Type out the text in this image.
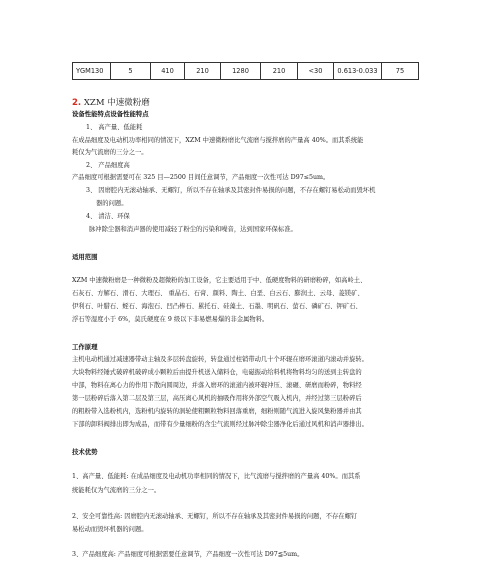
YGM130	5	410	210	1280	210	<30	0.613-0.033	75
2. XZM 中速微粉磨
设备性能特点设备性能特点
1、 高产量、低能耗
在成品细度及电动机功率相同的情况下，XZM 中速微粉磨比气流磨与搅拌磨的产量高 40%。而其系统能
耗仅为气流磨的三分之一。
2、 产品细度高
产品细度可根据需要可在 325 目—2500 目间任意调节，产品细度一次性可达 D97≤5um。
3、 因磨腔内无滚动轴承、无螺钉，所以不存在轴承及其密封件易损的问题，不存在螺钉易松动而毁坏机
器的问题。
4、 清洁、环保
脉冲除尘器和消声器的使用减轻了粉尘的污染和噪音，达到国家环保标准。
适用范围
XZM 中速微粉磨是一种微粉及超微粉的加工设备，它主要适用于中、低硬度物料的研磨粉碎，如高岭土、
石灰石、方解石、滑石、大理石、 重晶石、石膏、颜料、陶土、白垩、白云石、膨润土、云母、菱镁矿、
伊利石、叶腊石、蛭石、海泡石、凹凸棒石、累托石、硅藻土、石墨、明矾石、萤石、磷矿石、钾矿石、
浮石等湿度小于 6%，莫氏硬度在 9 级以下非易燃易爆的非金属物料。
工作原理
主机电动机通过减速器带动主轴及多层转盘旋转，转盘通过柱销带动几十个环辊在磨环滚道内滚动并旋转。
大块物料经锤式破碎机破碎成小颗粒后由提升机送入储料仓，电磁振动给料机将物料均匀的送到主转盘的
中部，物料在离心力的作用下散向圆周边，并落入磨环的滚道内被环辊冲压、滚碾、研磨而粉碎，物料经
第一层粉碎后落入第二层及第三层，高压离心风机的抽吸作用将外部空气吸入机内，并经过第三层粉碎后
的粗粉带入选粉机内，选粉机内旋转的涡轮使粗颗粒物料回落重磨，细粉则随气流进入旋风集粉器并由其
下部的卸料阀排出即为成品，而带有少量细粉的含尘气流则经过脉冲除尘器净化后通过风机和消声器排出。
技术优势
1、高产量、低能耗: 在成品细度及电动机功率相同的情况下，比气流磨与搅拌磨的产量高 40%。而其系
统能耗仅为气流磨的三分之一。
2、安全可靠性高: 因磨腔内无滚动轴承、无螺钉，所以不存在轴承及其密封件易损的问题，不存在螺钉
易松动而毁坏机器的问题。
3、产品细度高: 产品细度可根据需要任意调节，产品细度一次性可达 D97≦5um。
